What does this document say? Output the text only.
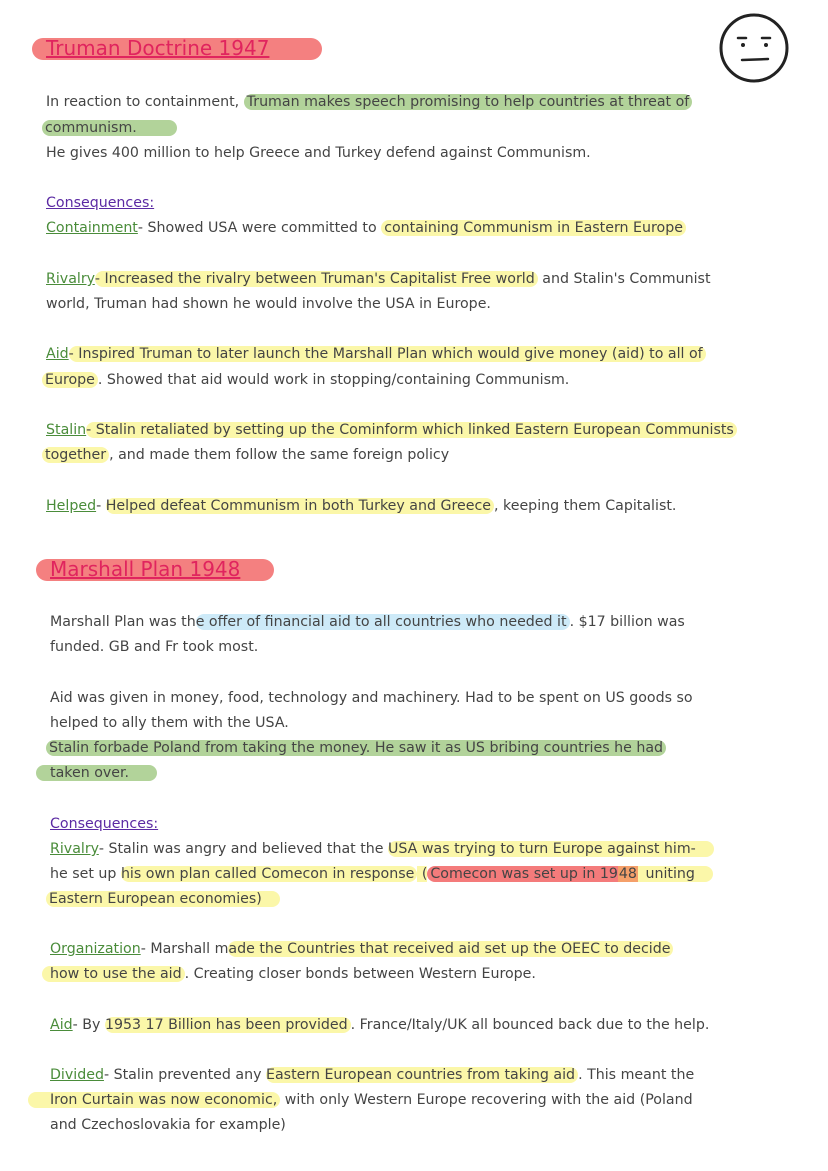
Truman Doctrine 1947
In reaction to containment, Truman makes speech promising to help countries at threat of
communism.
He gives 400 million to help Greece and Turkey defend against Communism.
Consequences:
Containment- Showed USA were committed to containing Communism in Eastern Europe
Rivalry- Increased the rivalry between Truman's Capitalist Free world and Stalin's Communist
world, Truman had shown he would involve the USA in Europe.
Aid- Inspired Truman to later launch the Marshall Plan which would give money (aid) to all of
Europe . Showed that aid would work in stopping/containing Communism.
Stalin- Stalin retaliated by setting up the Cominform which linked Eastern European Communists
together , and made them follow the same foreign policy
Helped- Helped defeat Communism in both Turkey and Greece , keeping them Capitalist.
Marshall Plan 1948
Marshall Plan was the offer of financial aid to all countries who needed it . $17 billion was
funded. GB and Fr took most.
Aid was given in money, food, technology and machinery. Had to be spent on US goods so
helped to ally them with the USA.
Stalin forbade Poland from taking the money. He saw it as US bribing countries he had
taken over.
Consequences:
Rivalry- Stalin was angry and believed that the USA was trying to turn Europe against him-
he set up his own plan called Comecon in response ( Comecon was set up in 1948 uniting
Eastern European economies)
Organization- Marshall made the Countries that received aid set up the OEEC to decide
how to use the aid . Creating closer bonds between Western Europe.
Aid- By 1953 17 Billion has been provided . France/Italy/UK all bounced back due to the help.
Divided- Stalin prevented any Eastern European countries from taking aid . This meant the
Iron Curtain was now economic, with only Western Europe recovering with the aid (Poland
and Czechoslovakia for example)
